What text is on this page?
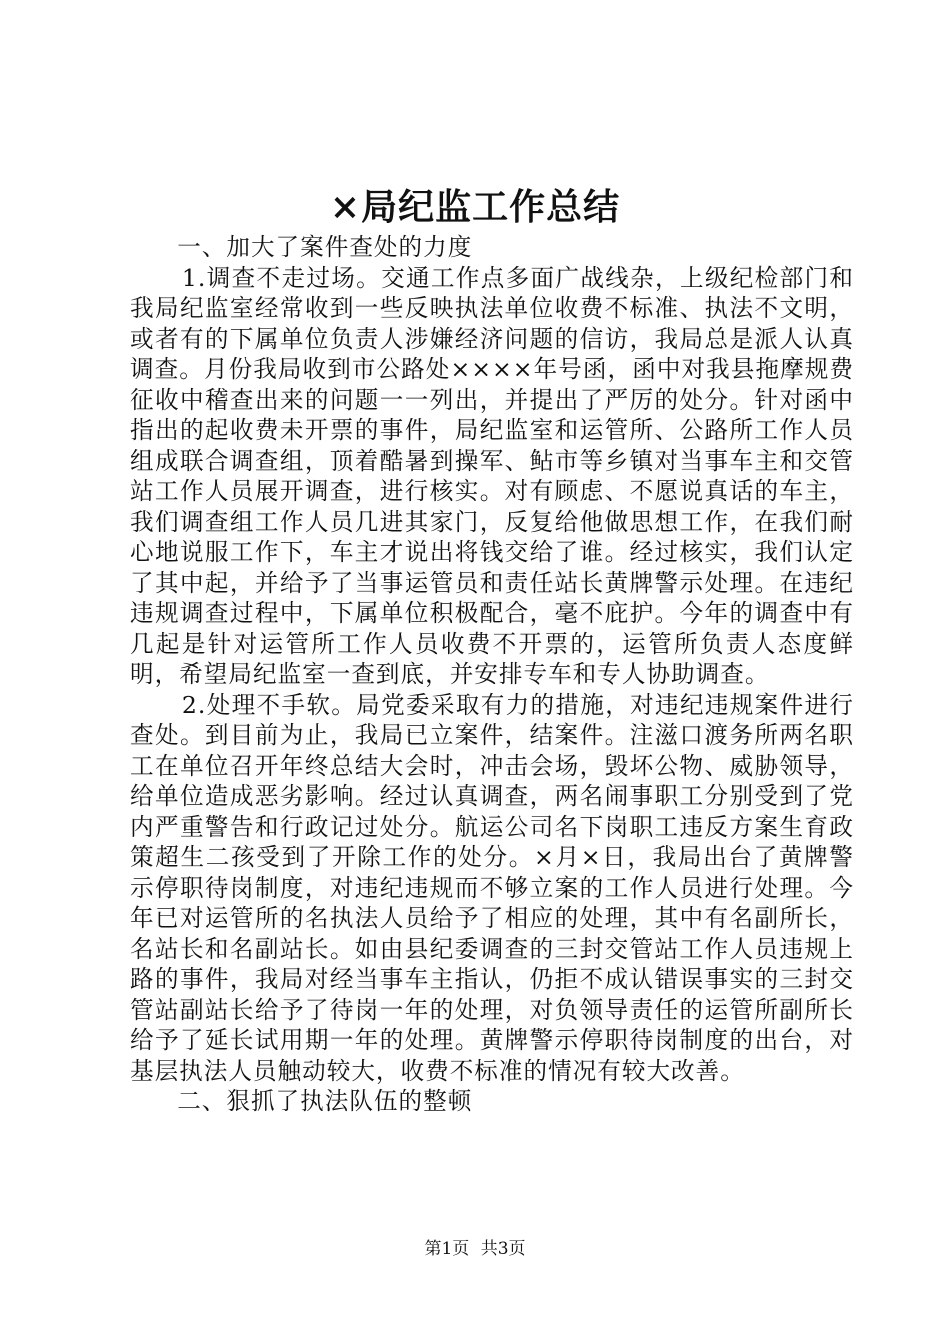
×局纪监工作总结

一、加大了案件查处的力度

1.调查不走过场。交通工作点多面广战线杂，上级纪检部门和我局纪监室经常收到一些反映执法单位收费不标准、执法不文明，或者有的下属单位负责人涉嫌经济问题的信访，我局总是派人认真调查。月份我局收到市公路处××××年号函，函中对我县拖摩规费征收中稽查出来的问题一一列出，并提出了严厉的处分。针对函中指出的起收费未开票的事件，局纪监室和运管所、公路所工作人员组成联合调查组，顶着酷暑到操军、鲇市等乡镇对当事车主和交管站工作人员展开调查，进行核实。对有顾虑、不愿说真话的车主，我们调查组工作人员几进其家门，反复给他做思想工作，在我们耐心地说服工作下，车主才说出将钱交给了谁。经过核实，我们认定了其中起，并给予了当事运管员和责任站长黄牌警示处理。在违纪违规调查过程中，下属单位积极配合，毫不庇护。今年的调查中有几起是针对运管所工作人员收费不开票的，运管所负责人态度鲜明，希望局纪监室一查到底，并安排专车和专人协助调查。

2.处理不手软。局党委采取有力的措施，对违纪违规案件进行查处。到目前为止，我局已立案件，结案件。注滋口渡务所两名职工在单位召开年终总结大会时，冲击会场，毁坏公物、威胁领导，给单位造成恶劣影响。经过认真调查，两名闹事职工分别受到了党内严重警告和行政记过处分。航运公司名下岗职工违反方案生育政策超生二孩受到了开除工作的处分。×月×日，我局出台了黄牌警示停职待岗制度，对违纪违规而不够立案的工作人员进行处理。今年已对运管所的名执法人员给予了相应的处理，其中有名副所长，名站长和名副站长。如由县纪委调查的三封交管站工作人员违规上路的事件，我局对经当事车主指认，仍拒不成认错误事实的三封交管站副站长给予了待岗一年的处理，对负领导责任的运管所副所长给予了延长试用期一年的处理。黄牌警示停职待岗制度的出台，对基层执法人员触动较大，收费不标准的情况有较大改善。

二、狠抓了执法队伍的整顿

第1页 共3页
